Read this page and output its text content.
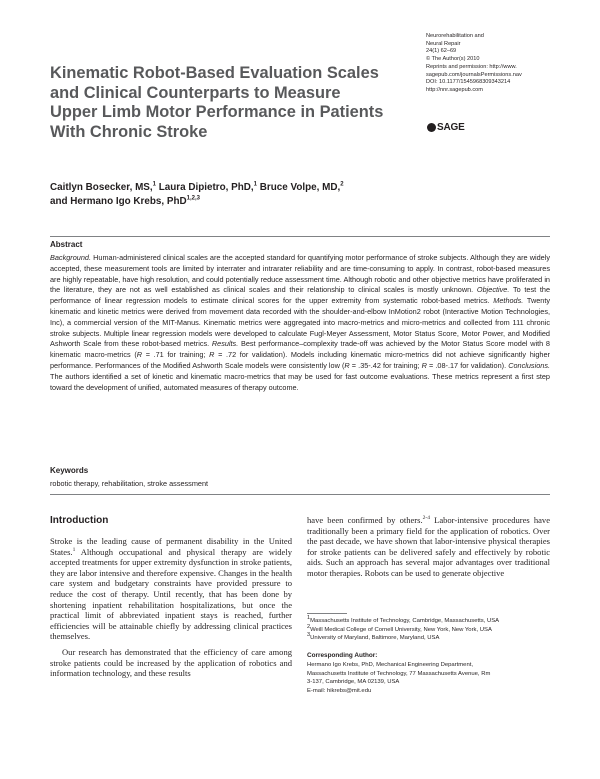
Kinematic Robot-Based Evaluation Scales and Clinical Counterparts to Measure Upper Limb Motor Performance in Patients With Chronic Stroke
Neurorehabilitation and
Neural Repair
24(1) 62–69
© The Author(s) 2010
Reprints and permission: http://www.
sagepub.com/journalsPermissions.nav
DOI: 10.1177/1545968309343214
http://nnr.sagepub.com
SAGE
Caitlyn Bosecker, MS,$^1$ Laura Dipietro, PhD,$^1$ Bruce Volpe, MD,$^2$
and Hermano Igo Krebs, PhD$^{1,2,3}$
Abstract
Background. Human-administered clinical scales are the accepted standard for quantifying motor performance of stroke subjects. Although they are widely accepted, these measurement tools are limited by interrater and intrarater reliability and are time-consuming to apply. In contrast, robot-based measures are highly repeatable, have high resolution, and could potentially reduce assessment time. Although robotic and other objective metrics have proliferated in the literature, they are not as well established as clinical scales and their relationship to clinical scales is mostly unknown. Objective. To test the performance of linear regression models to estimate clinical scores for the upper extremity from systematic robot-based metrics. Methods. Twenty kinematic and kinetic metrics were derived from movement data recorded with the shoulder-and-elbow InMotion2 robot (Interactive Motion Technologies, Inc), a commercial version of the MIT-Manus. Kinematic metrics were aggregated into macro-metrics and micro-metrics and collected from 111 chronic stroke subjects. Multiple linear regression models were developed to calculate Fugl-Meyer Assessment, Motor Status Score, Motor Power, and Modified Ashworth Scale from these robot-based metrics. Results. Best performance–complexity trade-off was achieved by the Motor Status Score model with 8 kinematic macro-metrics (R = .71 for training; R = .72 for validation). Models including kinematic micro-metrics did not achieve significantly higher performance. Performances of the Modified Ashworth Scale models were consistently low (R = .35-.42 for training; R = .08-.17 for validation). Conclusions. The authors identified a set of kinetic and kinematic macro-metrics that may be used for fast outcome evaluations. These metrics represent a first step toward the development of unified, automated measures of therapy outcome.
Keywords
robotic therapy, rehabilitation, stroke assessment
Introduction

Stroke is the leading cause of permanent disability in the United States.$^1$ Although occupational and physical therapy are widely accepted treatments for upper extremity dysfunction in stroke patients, they are labor intensive and therefore expensive. Changes in the health care system and budgetary constraints have provided pressure to reduce the cost of therapy. Until recently, that has been done by shortening inpatient rehabilitation hospitalizations, but once the practical limit of abbreviated inpatient stays is reached, further efficiencies will be attainable chiefly by addressing clinical practices themselves.

Our research has demonstrated that the efficiency of care among stroke patients could be increased by the application of robotics and information technology, and these results

have been confirmed by others.$^{2-4}$ Labor-intensive procedures have traditionally been a primary field for the application of robotics. Over the past decade, we have shown that labor-intensive physical therapies for stroke patients can be delivered safely and effectively by robotic aids. Such an approach has several major advantages over traditional motor therapies. Robots can be used to generate objective

$^1$Massachusetts Institute of Technology, Cambridge, Massachusetts, USA
$^2$Weill Medical College of Cornell University, New York, New York, USA
$^3$University of Maryland, Baltimore, Maryland, USA
Corresponding Author:
Hermano Igo Krebs, PhD, Mechanical Engineering Department,
Massachusetts Institute of Technology, 77 Massachusetts Avenue, Rm
3-137, Cambridge, MA 02139, USA
E-mail: hikrebs@mit.edu
